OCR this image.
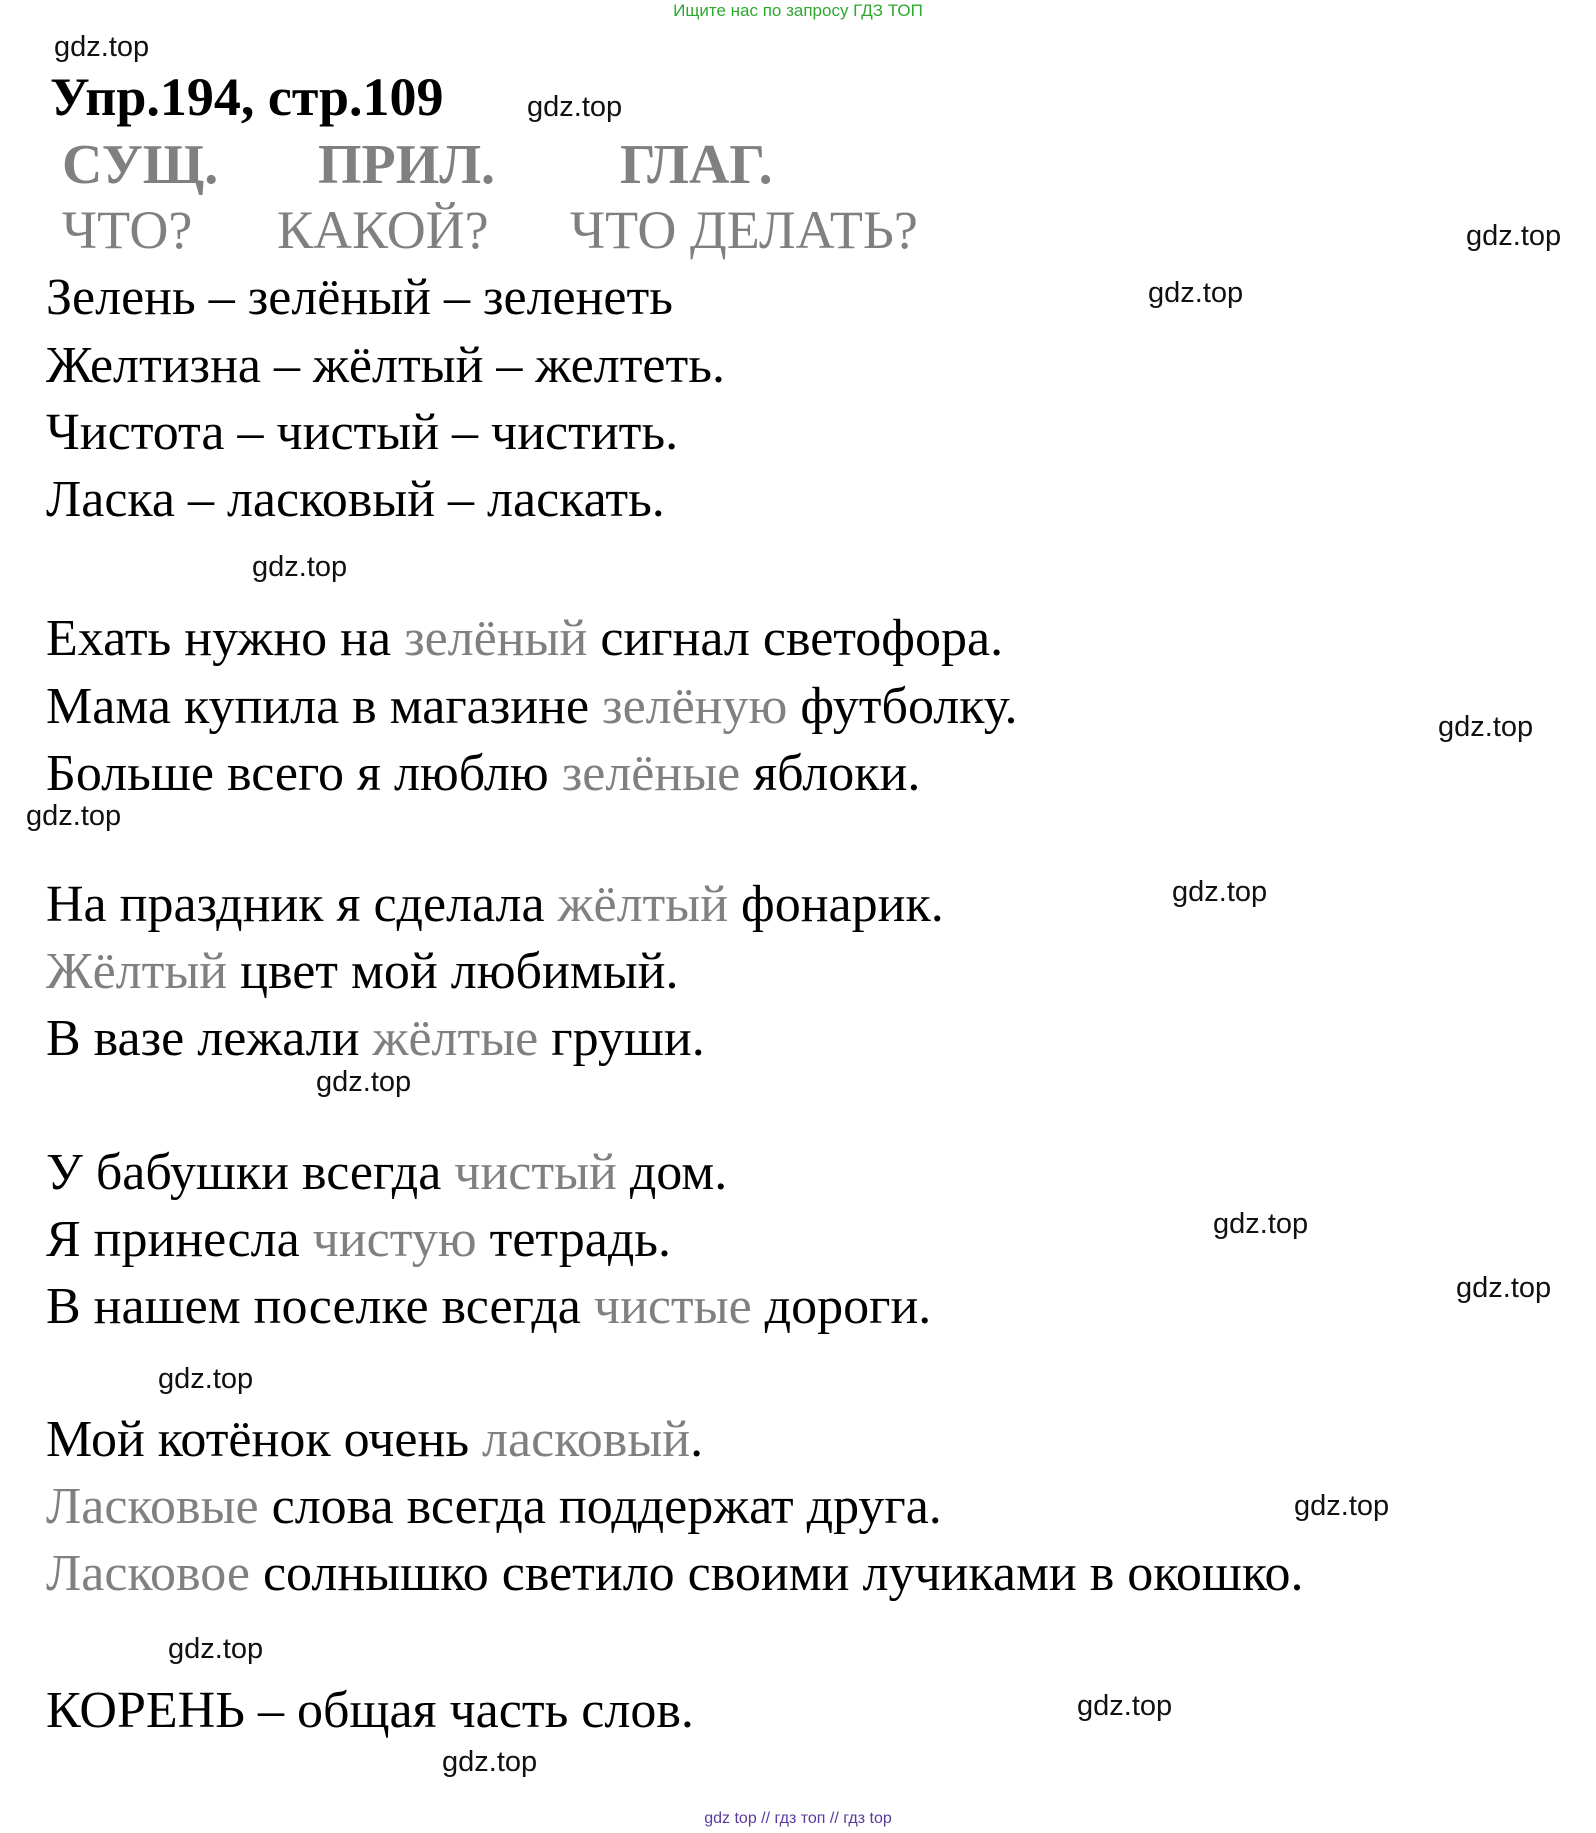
Ищите нас по запросу ГДЗ ТОП
gdz.top
gdz.top
gdz.top
gdz.top
gdz.top
gdz.top
gdz.top
gdz.top
gdz.top
gdz.top
gdz.top
gdz.top
gdz.top
gdz.top
gdz.top
gdz.top
Упр.194, стр.109
СУЩ. ПРИЛ. ГЛАГ.
ЧТО? КАКОЙ? ЧТО ДЕЛАТЬ?
Зелень – зелёный – зеленеть
Желтизна – жёлтый – желтеть.
Чистота – чистый – чистить.
Ласка – ласковый – ласкать.
Ехать нужно на зелёный сигнал светофора.
Мама купила в магазине зелёную футболку.
Больше всего я люблю зелёные яблоки.
На праздник я сделала жёлтый фонарик.
Жёлтый цвет мой любимый.
В вазе лежали жёлтые груши.
У бабушки всегда чистый дом.
Я принесла чистую тетрадь.
В нашем поселке всегда чистые дороги.
Мой котёнок очень ласковый.
Ласковые слова всегда поддержат друга.
Ласковое солнышко светило своими лучиками в окошко.
КОРЕНЬ – общая часть слов.
gdz top // гдз топ // гдз top
